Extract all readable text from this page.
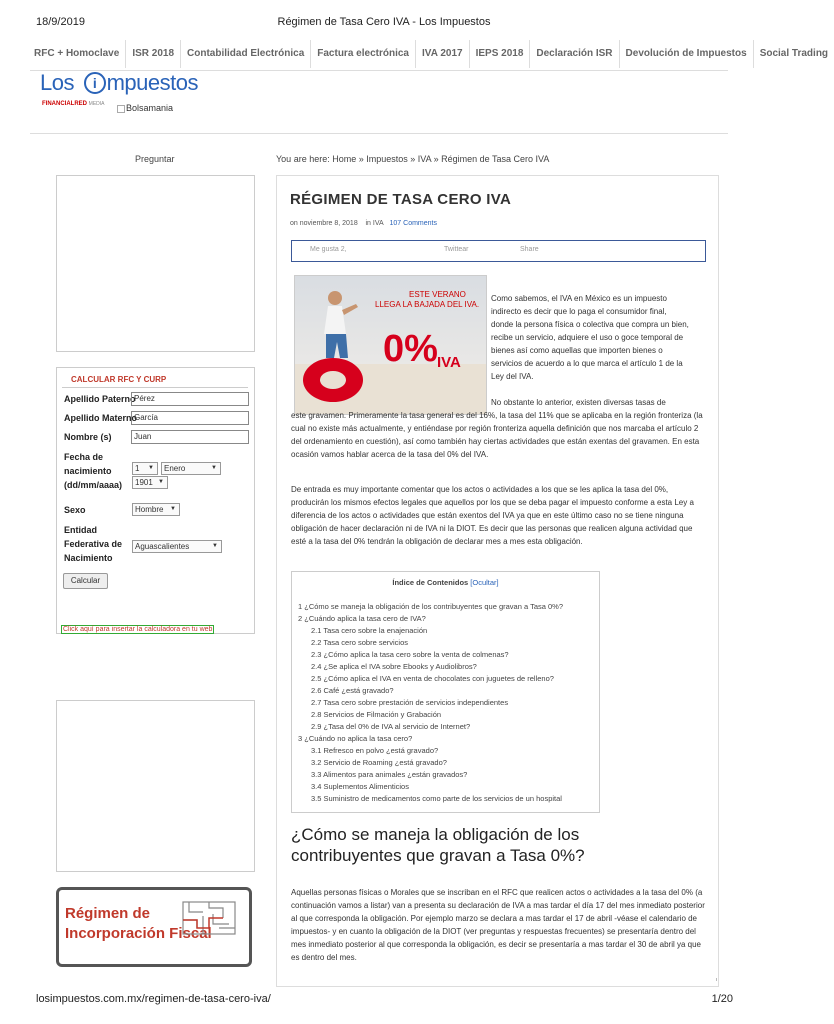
18/9/2019	Régimen de Tasa Cero IVA - Los Impuestos
RFC + Homoclave	ISR 2018	Contabilidad Electrónica	Factura electrónica	IVA 2017	IEPS 2018	Declaración ISR	Devolución de Impuestos	Social Trading
Los i mpuestos
FINANCIALRED MEDIA	Bolsamania
Preguntar	You are here: Home » Impuestos » IVA » Régimen de Tasa Cero IVA
CALCULAR RFC Y CURP
Apellido Paterno
Pérez
Apellido Materno
García
Nombre (s)	Juan
Fecha de nacimiento (dd/mm/aaaa)
1 ▼	Enero	▼
1901 ▼
Sexo	Hombre ▼
Entidad Federativa de Nacimiento
Aguascalientes	▼
Calcular
Click aquí para insertar la calculadora en tu web
Régimen de
Incorporación Fiscal
RÉGIMEN DE TASA CERO IVA
on noviembre 8, 2018 in IVA 107 Comments
Me gusta 2,	Twittear	Share
ESTE VERANO
LLEGA LA BAJADA DEL IVA.
0% IVA
Como sabemos, el IVA en México es un impuesto indirecto es decir que lo paga el consumidor final, donde la persona física o colectiva que compra un bien, recibe un servicio, adquiere el uso o goce temporal de bienes así como aquellas que importen bienes o servicios de acuerdo a lo que marca el artículo 1 de la Ley del IVA.
No obstante lo anterior, existen diversas tasas de
este gravamen. Primeramente la tasa general es del 16%, la tasa del 11% que se aplicaba en la región fronteriza (la cual no existe más actualmente, y entiéndase por región fronteriza aquella definición que nos marcaba el artículo 2 del ordenamiento en cuestión), así como también hay ciertas actividades que están exentas del gravamen. En esta ocasión vamos hablar acerca de la tasa del 0% del IVA.
De entrada es muy importante comentar que los actos o actividades a los que se les aplica la tasa del 0%, producirán los mismos efectos legales que aquellos por los que se deba pagar el impuesto conforme a esta Ley a diferencia de los actos o actividades que están exentos del IVA ya que en este último caso no se tiene ninguna obligación de hacer declaración ni de IVA ni la DIOT. Es decir que las personas que realicen alguna actividad que esté a la tasa del 0% tendrán la obligación de declarar mes a mes esta obligación.
Índice de Contenidos [Ocultar]
1 ¿Cómo se maneja la obligación de los contribuyentes que gravan a Tasa 0%?
2 ¿Cuándo aplica la tasa cero de IVA?
2.1 Tasa cero sobre la enajenación
2.2 Tasa cero sobre servicios
2.3 ¿Cómo aplica la tasa cero sobre la venta de colmenas?
2.4 ¿Se aplica el IVA sobre Ebooks y Audiolibros?
2.5 ¿Cómo aplica el IVA en venta de chocolates con juguetes de relleno?
2.6 Café ¿está gravado?
2.7 Tasa cero sobre prestación de servicios independientes
2.8 Servicios de Filmación y Grabación
2.9 ¿Tasa del 0% de IVA al servicio de Internet?
3 ¿Cuándo no aplica la tasa cero?
3.1 Refresco en polvo ¿está gravado?
3.2 Servicio de Roaming ¿está gravado?
3.3 Alimentos para animales ¿están gravados?
3.4 Suplementos Alimenticios
3.5 Suministro de medicamentos como parte de los servicios de un hospital
¿Cómo se maneja la obligación de los contribuyentes que gravan a Tasa 0%?
Aquellas personas físicas o Morales que se inscriban en el RFC que realicen actos o actividades a la tasa del 0% (a continuación vamos a listar) van a presenta su declaración de IVA a mas tardar el día 17 del mes inmediato posterior al que corresponda la obligación. Por ejemplo marzo se declara a mas tardar el 17 de abril -véase el calendario de impuestos- y en cuanto la obligación de la DIOT (ver preguntas y respuestas frecuentes) se presentaría dentro del mes inmediato posterior al que corresponda la obligación, es decir se presentaría a mas tardar el 30 de abril ya que es dentro del mes.
losimpuestos.com.mx/regimen-de-tasa-cero-iva/	1/20
